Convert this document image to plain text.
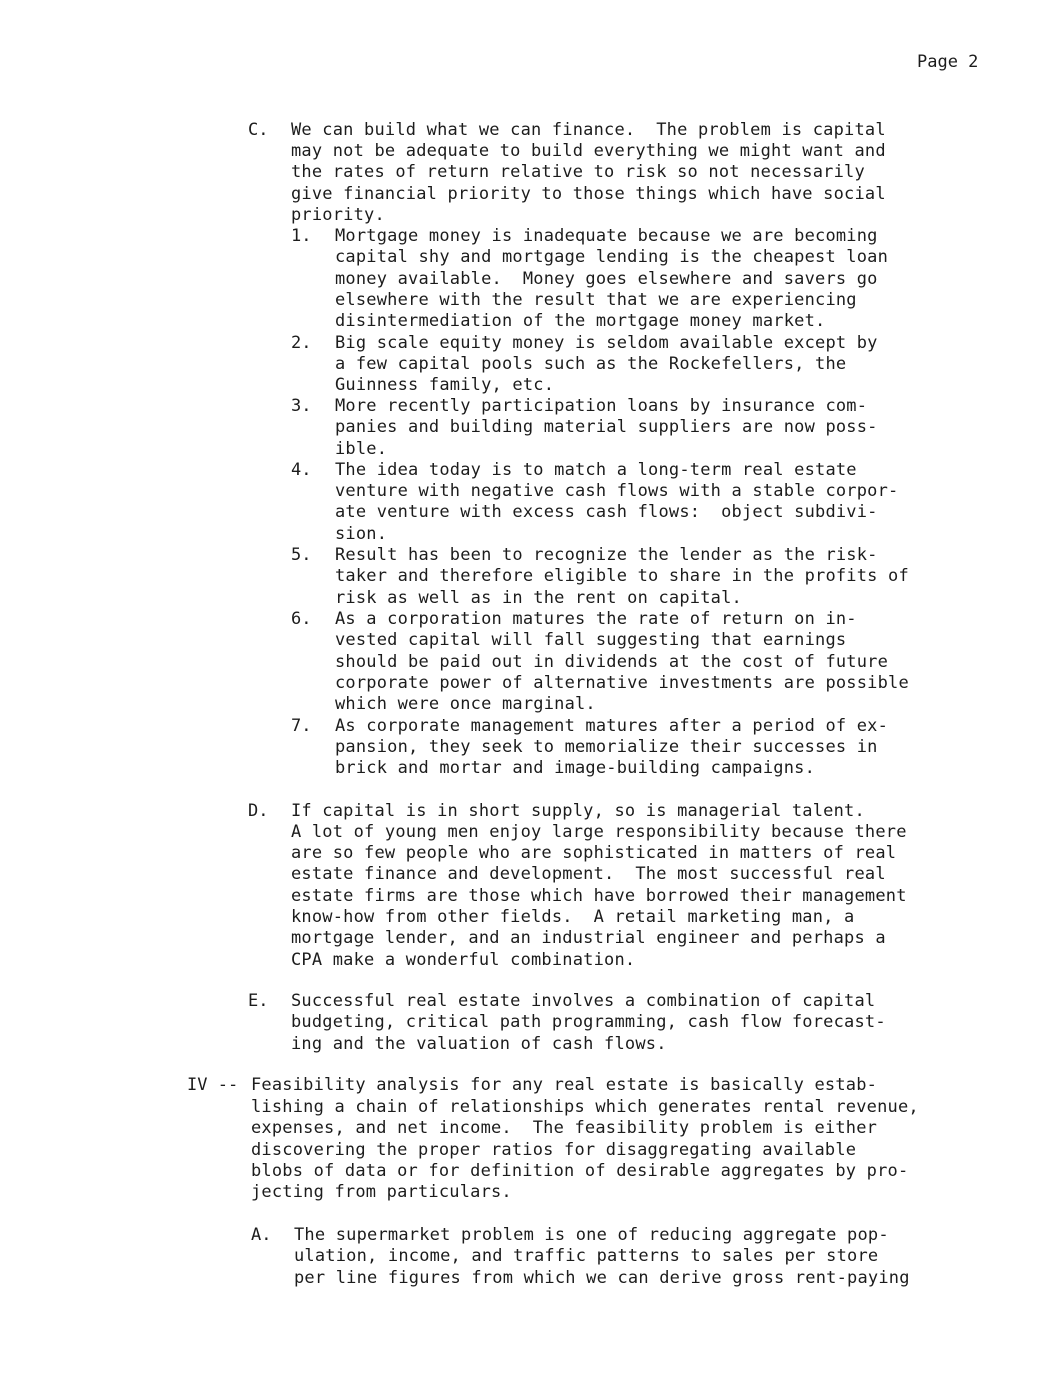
Page 2
C. We can build what we can finance.  The problem is capital
may not be adequate to build everything we might want and
the rates of return relative to risk so not necessarily
give financial priority to those things which have social
priority.
1. Mortgage money is inadequate because we are becoming
capital shy and mortgage lending is the cheapest loan
money available.  Money goes elsewhere and savers go
elsewhere with the result that we are experiencing
disintermediation of the mortgage money market.
2. Big scale equity money is seldom available except by
a few capital pools such as the Rockefellers, the
Guinness family, etc.
3. More recently participation loans by insurance com-
panies and building material suppliers are now poss-
ible.
4. The idea today is to match a long-term real estate
venture with negative cash flows with a stable corpor-
ate venture with excess cash flows:  object subdivi-
sion.
5. Result has been to recognize the lender as the risk-
taker and therefore eligible to share in the profits of
risk as well as in the rent on capital.
6. As a corporation matures the rate of return on in-
vested capital will fall suggesting that earnings
should be paid out in dividends at the cost of future
corporate power of alternative investments are possible
which were once marginal.
7. As corporate management matures after a period of ex-
pansion, they seek to memorialize their successes in
brick and mortar and image-building campaigns.
D. If capital is in short supply, so is managerial talent.
A lot of young men enjoy large responsibility because there
are so few people who are sophisticated in matters of real
estate finance and development.  The most successful real
estate firms are those which have borrowed their management
know-how from other fields.  A retail marketing man, a
mortgage lender, and an industrial engineer and perhaps a
CPA make a wonderful combination.
E. Successful real estate involves a combination of capital
budgeting, critical path programming, cash flow forecast-
ing and the valuation of cash flows.
IV -- Feasibility analysis for any real estate is basically estab-
lishing a chain of relationships which generates rental revenue,
expenses, and net income.  The feasibility problem is either
discovering the proper ratios for disaggregating available
blobs of data or for definition of desirable aggregates by pro-
jecting from particulars.
A. The supermarket problem is one of reducing aggregate pop-
ulation, income, and traffic patterns to sales per store
per line figures from which we can derive gross rent-paying
